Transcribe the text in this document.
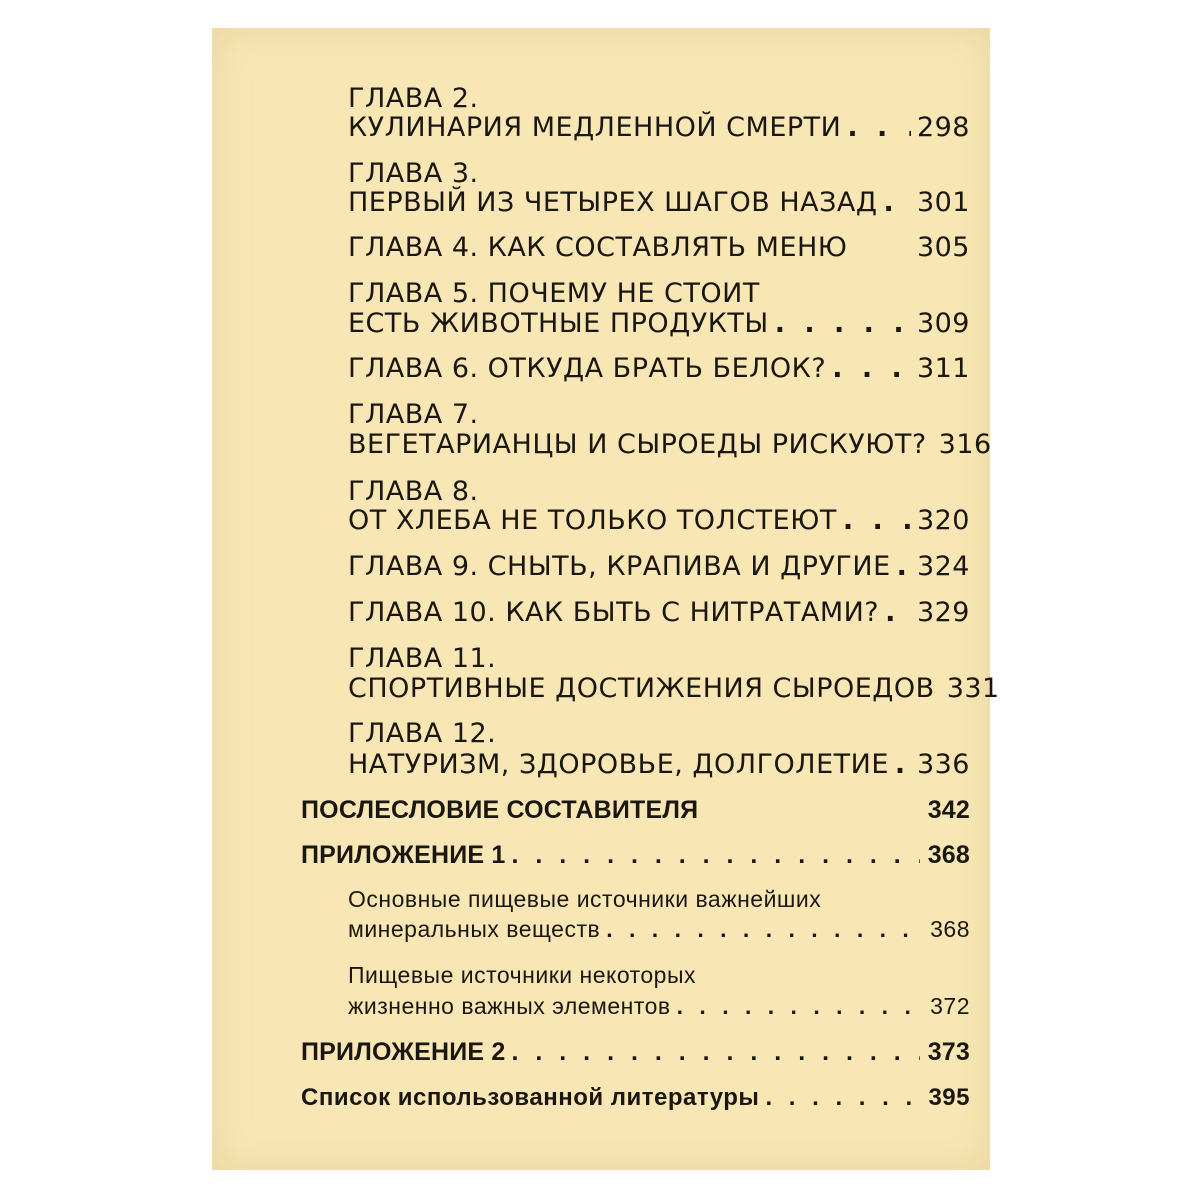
ГЛАВА 2.
КУЛИНАРИЯ МЕДЛЕННОЙ СМЕРТИ . . .	298
ГЛАВА 3.
ПЕРВЫЙ ИЗ ЧЕТЫРЕХ ШАГОВ НАЗАД . . . 301
ГЛАВА 4. КАК СОСТАВЛЯТЬ МЕНЮ	305
ГЛАВА 5. ПОЧЕМУ НЕ СТОИТ
ЕСТЬ ЖИВОТНЫЕ ПРОДУКТЫ . . .	309
ГЛАВА 6. ОТКУДА БРАТЬ БЕЛОК? . . .	311
ГЛАВА 7.
ВЕГЕТАРИАНЦЫ И СЫРОЕДЫ РИСКУЮТ? 316
ГЛАВА 8.
ОТ ХЛЕБА НЕ ТОЛЬКО ТОЛСТЕЮТ . . .	320
ГЛАВА 9. СНЫТЬ, КРАПИВА И ДРУГИЕ . . . 324
ГЛАВА 10. КАК БЫТЬ С НИТРАТАМИ? . . . 329
ГЛАВА 11.
СПОРТИВНЫЕ ДОСТИЖЕНИЯ СЫРОЕДОВ 331
ГЛАВА 12.
НАТУРИЗМ, ЗДОРОВЬЕ, ДОЛГОЛЕТИЕ . . . 336
ПОСЛЕСЛОВИЕ СОСТАВИТЕЛЯ	342
ПРИЛОЖЕНИЕ 1 . . .	368
Основные пищевые источники важнейших
минеральных веществ . . .	368
Пищевые источники некоторых
жизненно важных элементов . . .	372
ПРИЛОЖЕНИЕ 2 . . .	373
Список использованной литературы . . .	395
